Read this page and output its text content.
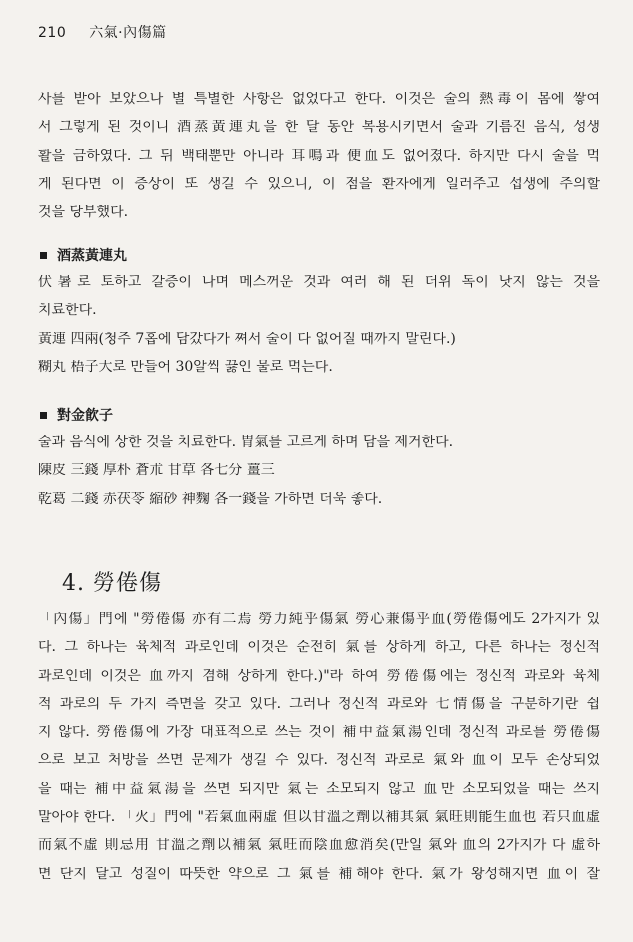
210 六氣·內傷篇
사를 받아 보았으나 별 특별한 사항은 없었다고 한다. 이것은 술의 熱毒이 몸에 쌓여
서 그렇게 된 것이니 酒蒸黃連丸을 한 달 동안 복용시키면서 술과 기름진 음식, 성생
활을 금하였다. 그 뒤 백태뿐만 아니라 耳鳴과 便血도 없어졌다. 하지만 다시 술을 먹
게 된다면 이 증상이 또 생길 수 있으니, 이 점을 환자에게 일러주고 섭생에 주의할
것을 당부했다.
酒蒸黃連丸
伏暑로 토하고 갈증이 나며 메스꺼운 것과 여러 해 된 더위 독이 낫지 않는 것을
치료한다.
黃連 四兩(청주 7홉에 담갔다가 쪄서 술이 다 없어질 때까지 말린다.)
糊丸 梧子大로 만들어 30알씩 끓인 물로 먹는다.
對金飮子
술과 음식에 상한 것을 치료한다. 胃氣를 고르게 하며 담을 제거한다.
陳皮 三錢 厚朴 蒼朮 甘草 各七分 薑三
乾葛 二錢 赤茯苓 縮砂 神麴 各一錢을 가하면 더욱 좋다.
4. 勞倦傷
「內傷」門에 "勞倦傷 亦有二焉 勞力純乎傷氣 勞心兼傷乎血(勞倦傷에도 2가지가 있
다. 그 하나는 육체적 과로인데 이것은 순전히 氣를 상하게 하고, 다른 하나는 정신적
과로인데 이것은 血까지 겸해 상하게 한다.)"라 하여 勞倦傷에는 정신적 과로와 육체
적 과로의 두 가지 측면을 갖고 있다. 그러나 정신적 과로와 七情傷을 구분하기란 쉽
지 않다. 勞倦傷에 가장 대표적으로 쓰는 것이 補中益氣湯인데 정신적 과로를 勞倦傷
으로 보고 처방을 쓰면 문제가 생길 수 있다. 정신적 과로로 氣와 血이 모두 손상되었
을 때는 補中益氣湯을 쓰면 되지만 氣는 소모되지 않고 血만 소모되었을 때는 쓰지
말아야 한다. 「火」門에 "若氣血兩虛 但以甘溫之劑以補其氣 氣旺則能生血也 若只血虛
而氣不虛 則忌用 甘溫之劑以補氣 氣旺而陰血愈消矣(만일 氣와 血의 2가지가 다 虛하
면 단지 달고 성질이 따뜻한 약으로 그 氣를 補해야 한다. 氣가 왕성해지면 血이 잘
